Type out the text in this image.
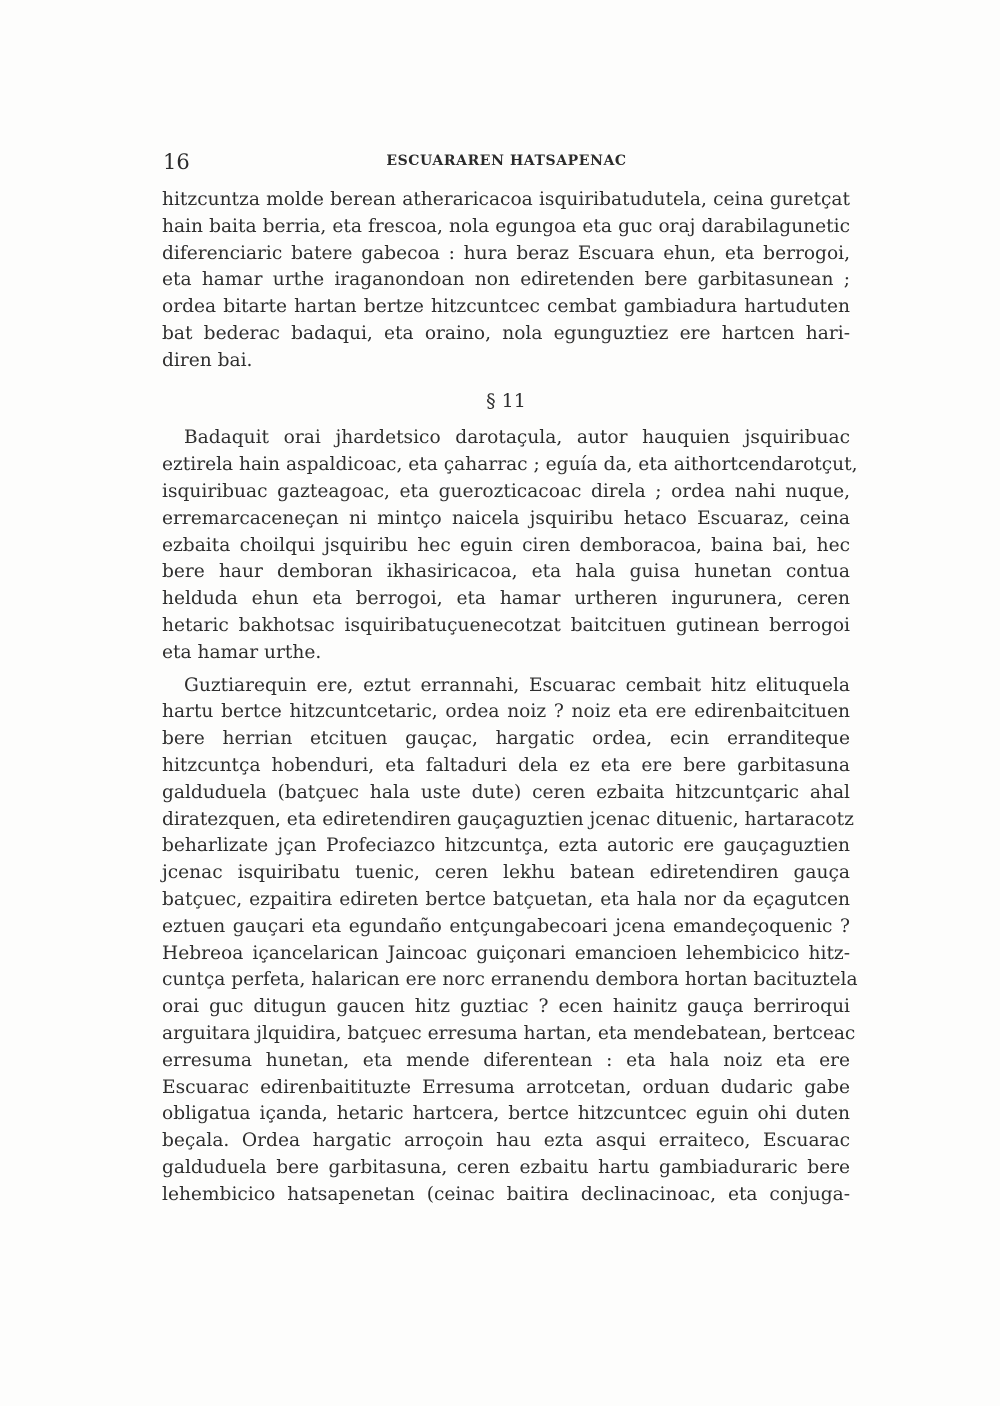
16	ESCUARAREN HATSAPENAC
hitzcuntza molde berean atheraricacoa isquiribatudutela, ceina guretçat
hain baita berria, eta frescoa, nola egungoa eta guc oraj darabilagunetic
diferenciaric batere gabecoa : hura beraz Escuara ehun, eta berrogoi,
eta hamar urthe iraganondoan non ediretenden bere garbitasunean ;
ordea bitarte hartan bertze hitzcuntcec cembat gambiadura hartuduten
bat bederac badaqui, eta oraino, nola egunguztiez ere hartcen hari-
diren bai.
§ 11
Badaquit orai jhardetsico darotaçula, autor hauquien jsquiribuac
eztirela hain aspaldicoac, eta çaharrac ; eguía da, eta aithortcendarotçut,
isquiribuac gazteagoac, eta guerozticacoac direla ; ordea nahi nuque,
erremarcaceneçan ni mintço naicela jsquiribu hetaco Escuaraz, ceina
ezbaita choilqui jsquiribu hec eguin ciren demboracoa, baina bai, hec
bere haur demboran ikhasiricacoa, eta hala guisa hunetan contua
helduda ehun eta berrogoi, eta hamar urtheren ingurunera, ceren
hetaric bakhotsac isquiribatuçuenecotzat baitcituen gutinean berrogoi
eta hamar urthe.
Guztiarequin ere, eztut errannahi, Escuarac cembait hitz elituquela
hartu bertce hitzcuntcetaric, ordea noiz ? noiz eta ere edirenbaitcituen
bere herrian etcituen gauçac, hargatic ordea, ecin erranditeque
hitzcuntça hobenduri, eta faltaduri dela ez eta ere bere garbitasuna
galduduela (batçuec hala uste dute) ceren ezbaita hitzcuntçaric ahal
diratezquen, eta ediretendiren gauçaguztien jcenac dituenic, hartaracotz
beharlizate jçan Profeciazco hitzcuntça, ezta autoric ere gauçaguztien
jcenac isquiribatu tuenic, ceren lekhu batean ediretendiren gauça
batçuec, ezpaitira edireten bertce batçuetan, eta hala nor da eçagutcen
eztuen gauçari eta egundaño entçungabecoari jcena emandeçoquenic ?
Hebreoa içancelarican Jaincoac guiçonari emancioen lehembicico hitz-
cuntça perfeta, halarican ere norc erranendu dembora hortan bacituztela
orai guc ditugun gaucen hitz guztiac ? ecen hainitz gauça berriroqui
arguitara jlquidira, batçuec erresuma hartan, eta mendebatean, bertceac
erresuma hunetan, eta mende diferentean : eta hala noiz eta ere
Escuarac edirenbaitituzte Erresuma arrotcetan, orduan dudaric gabe
obligatua içanda, hetaric hartcera, bertce hitzcuntcec eguin ohi duten
beçala. Ordea hargatic arroçoin hau ezta asqui erraiteco, Escuarac
galduduela bere garbitasuna, ceren ezbaitu hartu gambiaduraric bere
lehembicico hatsapenetan (ceinac baitira declinacinoac, eta conjuga-
